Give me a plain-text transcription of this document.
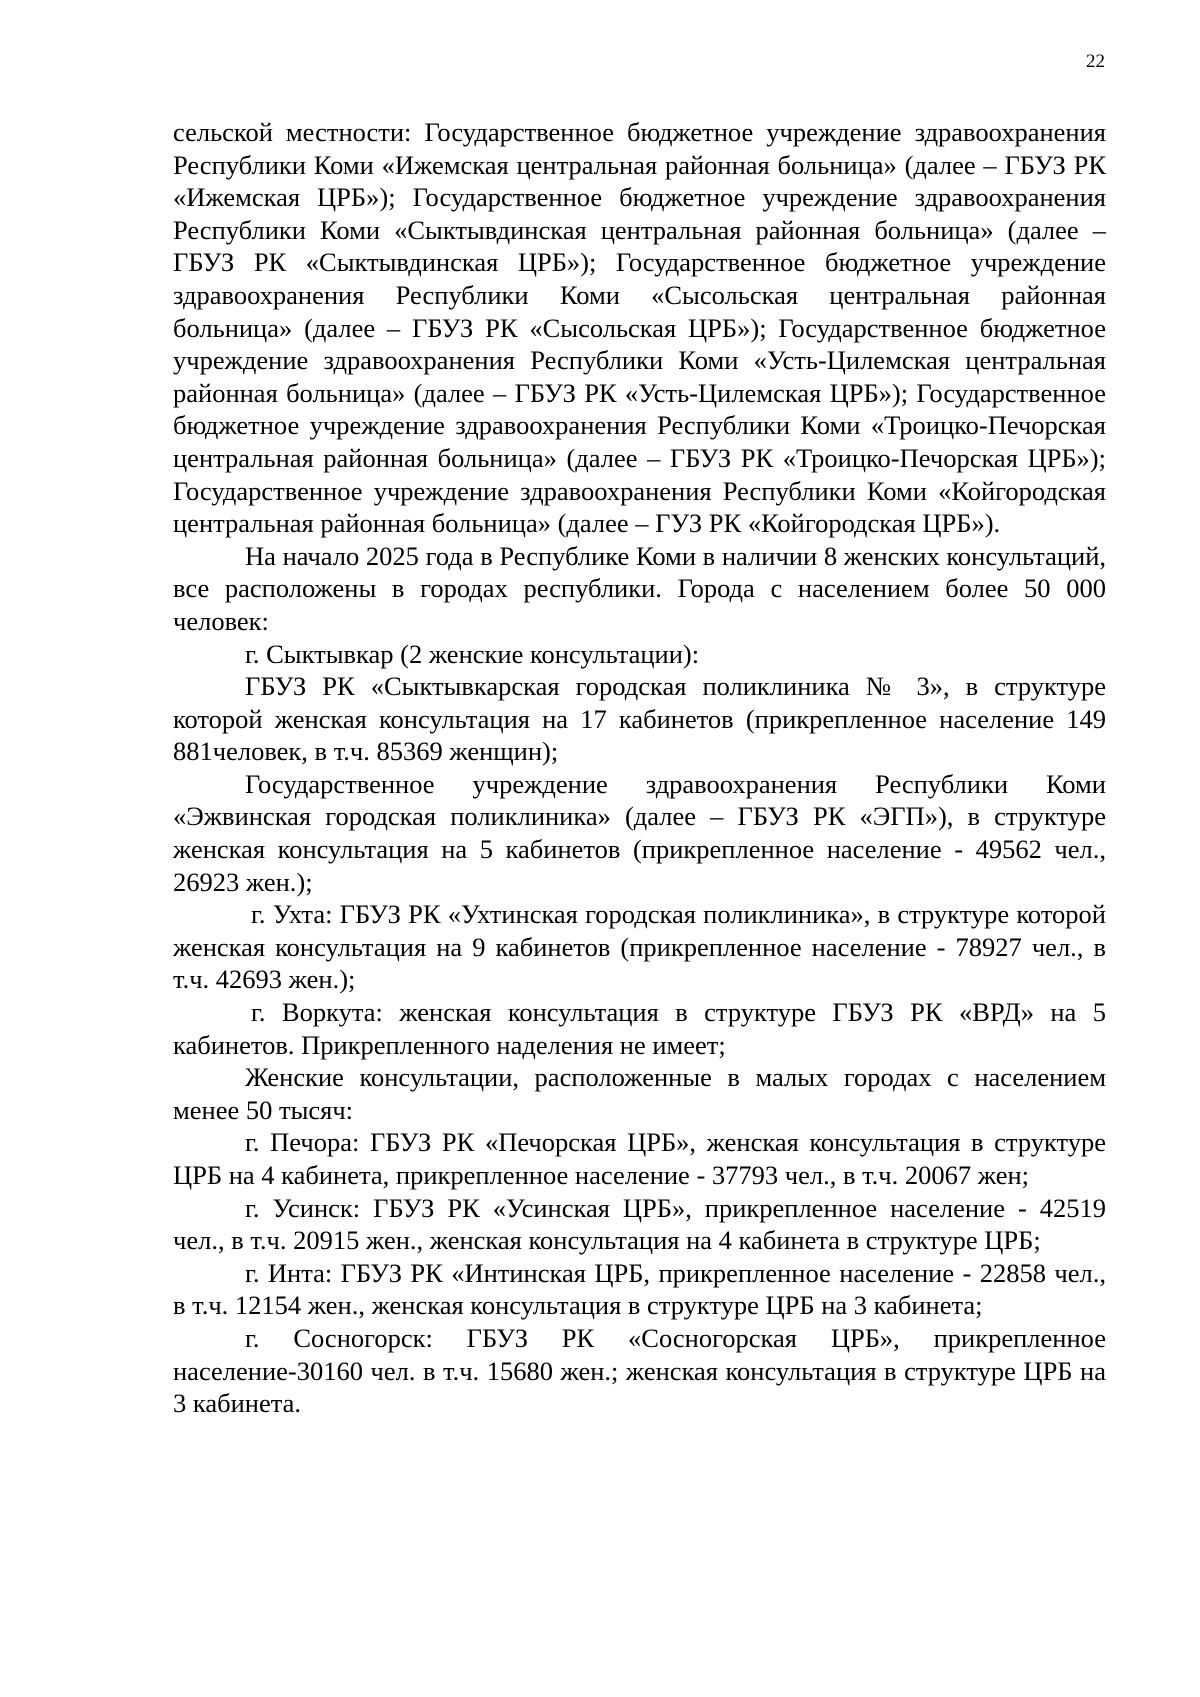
22

сельской местности: Государственное бюджетное учреждение здравоохранения Республики Коми «Ижемская центральная районная больница» (далее – ГБУЗ РК «Ижемская ЦРБ»); Государственное бюджетное учреждение здравоохранения Республики Коми «Сыктывдинская центральная районная больница» (далее – ГБУЗ РК «Сыктывдинская ЦРБ»); Государственное бюджетное учреждение здравоохранения Республики Коми «Сысольская центральная районная больница» (далее – ГБУЗ РК «Сысольская ЦРБ»); Государственное бюджетное учреждение здравоохранения Республики Коми «Усть-Цилемская центральная районная больница» (далее – ГБУЗ РК «Усть-Цилемская ЦРБ»); Государственное бюджетное учреждение здравоохранения Республики Коми «Троицко-Печорская центральная районная больница» (далее – ГБУЗ РК «Троицко-Печорская ЦРБ»); Государственное учреждение здравоохранения Республики Коми «Койгородская центральная районная больница» (далее – ГУЗ РК «Койгородская ЦРБ»).

На начало 2025 года в Республике Коми в наличии 8 женских консультаций, все расположены в городах республики. Города с населением более 50 000 человек:

г. Сыктывкар (2 женские консультации):

ГБУЗ РК «Сыктывкарская городская поликлиника № 3», в структуре которой женская консультация на 17 кабинетов (прикрепленное население 149 881человек, в т.ч. 85369 женщин);

Государственное учреждение здравоохранения Республики Коми «Эжвинская городская поликлиника» (далее – ГБУЗ РК «ЭГП»), в структуре женская консультация на 5 кабинетов (прикрепленное население - 49562 чел., 26923 жен.);

г. Ухта: ГБУЗ РК «Ухтинская городская поликлиника», в структуре которой женская консультация на 9 кабинетов (прикрепленное население - 78927 чел., в т.ч. 42693 жен.);

г. Воркута: женская консультация в структуре ГБУЗ РК «ВРД» на 5 кабинетов. Прикрепленного наделения не имеет;

Женские консультации, расположенные в малых городах с населением менее 50 тысяч:

г. Печора: ГБУЗ РК «Печорская ЦРБ», женская консультация в структуре ЦРБ на 4 кабинета, прикрепленное население - 37793 чел., в т.ч. 20067 жен;

г. Усинск: ГБУЗ РК «Усинская ЦРБ», прикрепленное население - 42519 чел., в т.ч. 20915 жен., женская консультация на 4 кабинета в структуре ЦРБ;

г. Инта: ГБУЗ РК «Интинская ЦРБ, прикрепленное население - 22858 чел., в т.ч. 12154 жен., женская консультация в структуре ЦРБ на 3 кабинета;

г. Сосногорск: ГБУЗ РК «Сосногорская ЦРБ», прикрепленное население-30160 чел. в т.ч. 15680 жен.; женская консультация в структуре ЦРБ на 3 кабинета.
